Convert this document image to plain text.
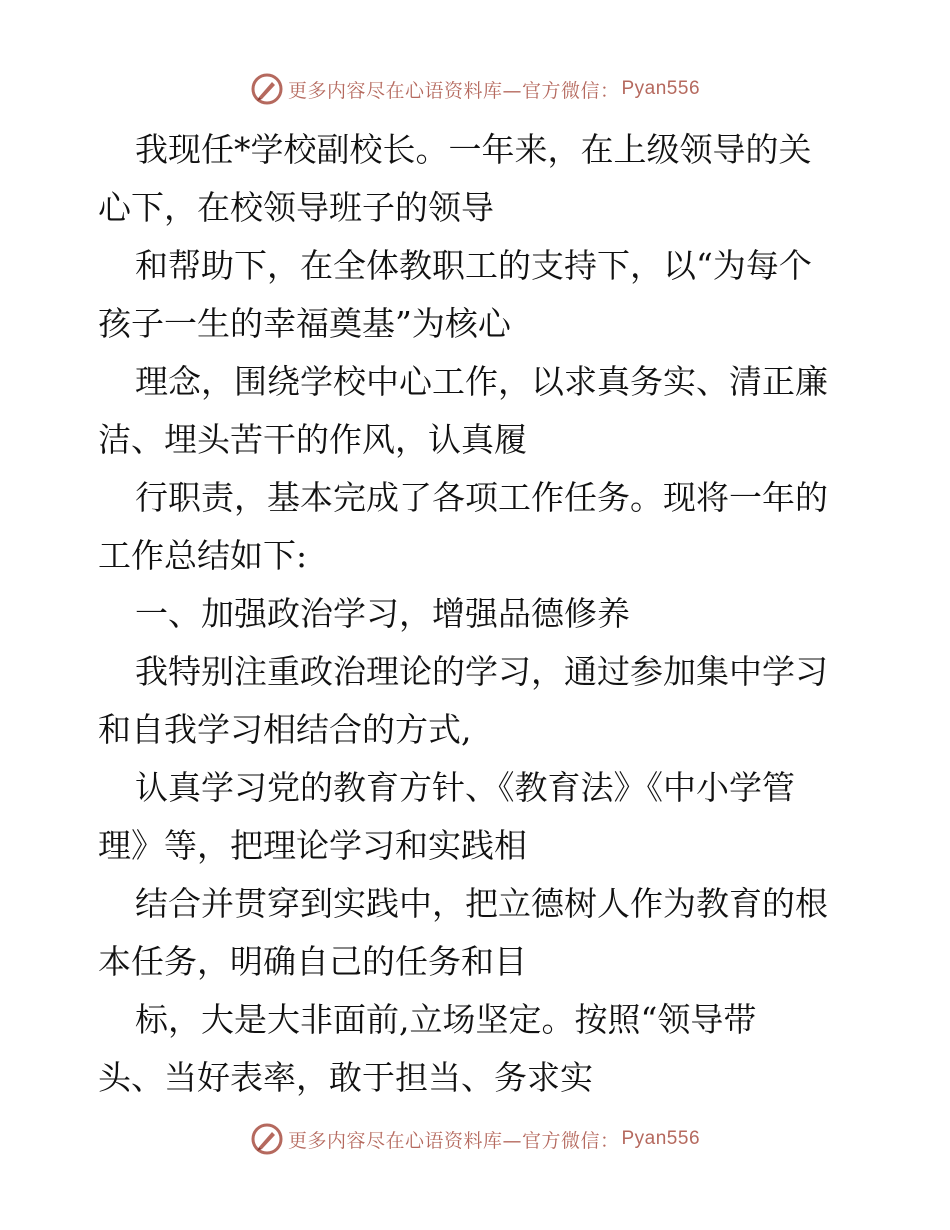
更多内容尽在心语资料库—官方微信： Pyan556
我现任*学校副校长。一年来，在上级领导的关
心下，在校领导班子的领导
和帮助下，在全体教职工的支持下，以“为每个
孩子一生的幸福奠基”为核心
理念，围绕学校中心工作，以求真务实、清正廉
洁、埋头苦干的作风，认真履
行职责，基本完成了各项工作任务。现将一年的
工作总结如下:
一、加强政治学习，增强品德修养
我特别注重政治理论的学习，通过参加集中学习
和自我学习相结合的方式,
认真学习党的教育方针、《教育法》《中小学管
理》等，把理论学习和实践相
结合并贯穿到实践中，把立德树人作为教育的根
本任务，明确自己的任务和目
标，大是大非面前,立场坚定。按照“领导带
头、当好表率，敢于担当、务求实
更多内容尽在心语资料库—官方微信： Pyan556
